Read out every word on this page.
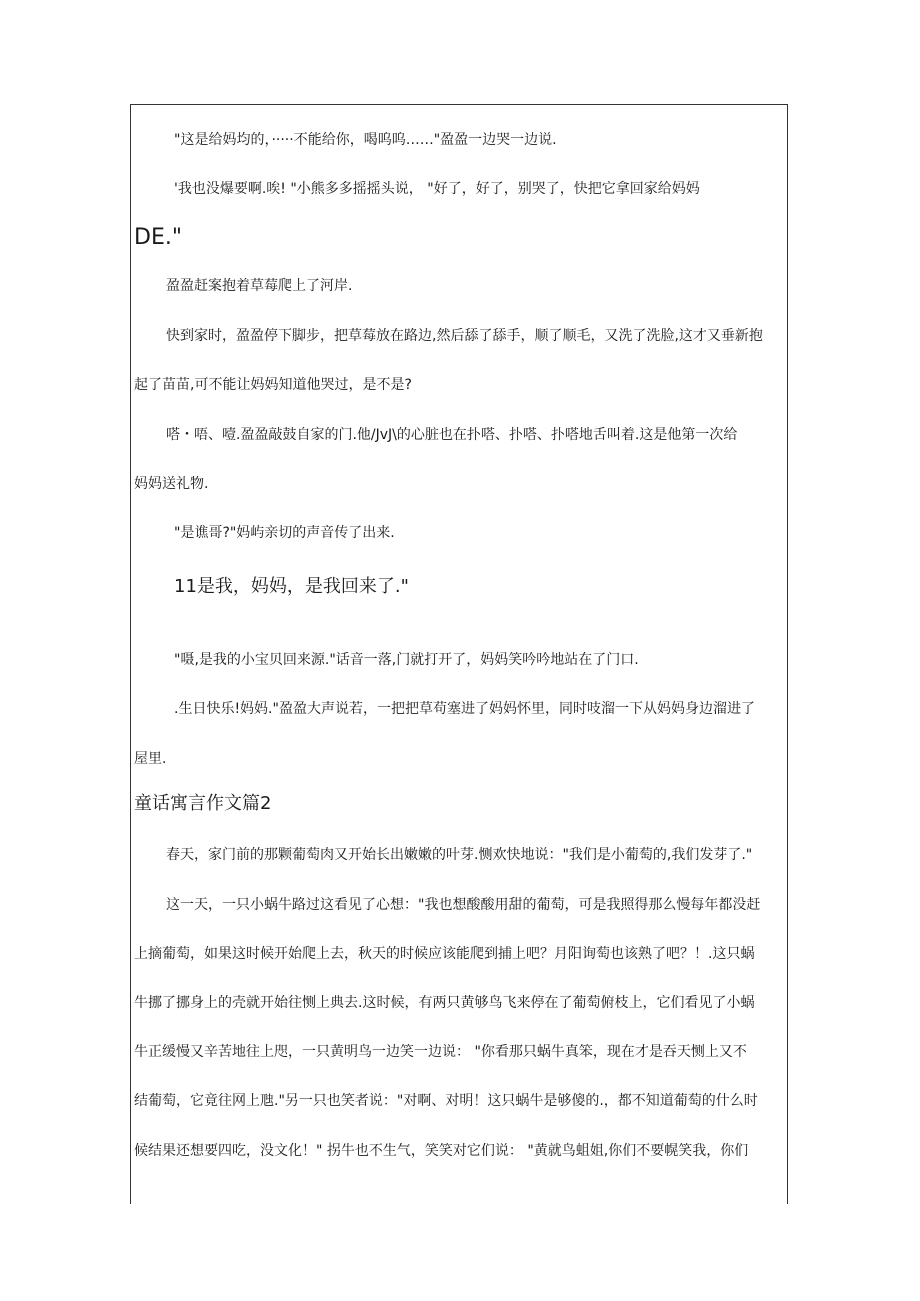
"这是给妈均的，·····不能给你，喝呜呜……"盈盈一边哭一边说.
'我也没爆要啊.唉! "小熊多多摇摇头说， "好了，好了，别哭了，快把它拿回家给妈妈
DE."
盈盈赶案抱着草莓爬上了河岸.
快到家时，盈盈停下脚步，把草莓放在路边,然后舔了舔手，顺了顺毛，又洗了洗脸,这才又垂新抱
起了苗苗,可不能让妈妈知道他哭过，是不是?
嗒・唔、噎.盈盈敲鼓自家的门.他/JvJ\的心脏也在扑嗒、扑嗒、扑嗒地舌叫着.这是他第一次给
妈妈送礼物.
"是谯哥?"妈屿亲切的声音传了出来.
11是我，妈妈，是我回来了."
"嗫,是我的小宝贝回来源."话音一落,门就打开了，妈妈笑吟吟地站在了门口.
.生日快乐!妈妈."盈盈大声说若，一把把草苟塞进了妈妈怀里，同时吱溜一下从妈妈身边溜进了
屋里.
童话寓言作文篇2
春天，家门前的那颗葡萄肉又开始长出嫩嫩的叶芽.恻欢快地说："我们是小葡萄的,我们发芽了."
这一天，一只小蜗牛路过这看见了心想："我也想酸酸用甜的葡萄，可是我照得那么慢每年都没赶
上摘葡萄，如果这时候开始爬上去，秋天的时候应该能爬到捕上吧？月阳询萄也该熟了吧？！.这只蜗
牛挪了挪身上的壳就开始往恻上典去.这时候，有两只黄够鸟飞来停在了葡萄俯枝上，它们看见了小蜗
牛正缓慢又辛苦地往上咫，一只黄明鸟一边笑一边说： "你看那只蜗牛真笨，现在才是吞天恻上又不
结葡萄，它竟往网上虺."另一只也笑者说："对啊、对明！这只蜗牛是够傻的.，都不知道葡萄的什么时
候结果还想要四吃，没文化！" 拐牛也不生气，笑笑对它们说： "黄就鸟蛆姐,你们不要幌笑我，你们
